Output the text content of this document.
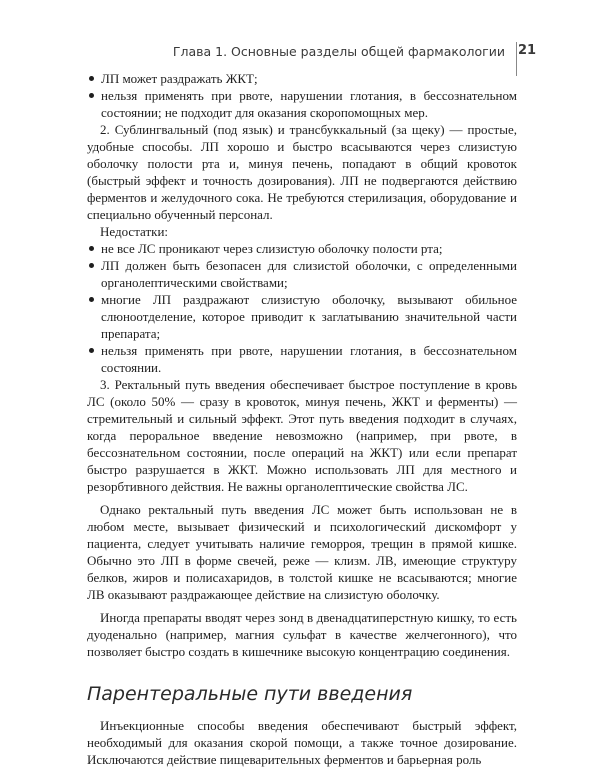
Глава 1. Основные разделы общей фармакологии 21
ЛП может раздражать ЖКТ;
нельзя применять при рвоте, нарушении глотания, в бессознательном состоянии; не подходит для оказания скоропомощных мер.

2. Сублингвальный (под язык) и трансбуккальный (за щеку) — простые, удобные способы. ЛП хорошо и быстро всасываются через слизистую оболочку полости рта и, минуя печень, попадают в общий кровоток (быстрый эффект и точность дозирования). ЛП не подвергаются действию ферментов и желудочного сока. Не требуются стерилизация, оборудование и специально обученный персонал.

Недостатки:

не все ЛС проникают через слизистую оболочку полости рта;
ЛП должен быть безопасен для слизистой оболочки, с определенными органолептическими свойствами;
многие ЛП раздражают слизистую оболочку, вызывают обильное слюноотделение, которое приводит к заглатыванию значительной части препарата;
нельзя применять при рвоте, нарушении глотания, в бессознательном состоянии.

3. Ректальный путь введения обеспечивает быстрое поступление в кровь ЛС (около 50% — сразу в кровоток, минуя печень, ЖКТ и ферменты) — стремительный и сильный эффект. Этот путь введения подходит в случаях, когда пероральное введение невозможно (например, при рвоте, в бессознательном состоянии, после операций на ЖКТ) или если препарат быстро разрушается в ЖКТ. Можно использовать ЛП для местного и резорбтивного действия. Не важны органолептические свойства ЛС.

Однако ректальный путь введения ЛС может быть использован не в любом месте, вызывает физический и психологический дискомфорт у пациента, следует учитывать наличие геморроя, трещин в прямой кишке. Обычно это ЛП в форме свечей, реже — клизм. ЛВ, имеющие структуру белков, жиров и полисахаридов, в толстой кишке не всасываются; многие ЛВ оказывают раздражающее действие на слизистую оболочку.

Иногда препараты вводят через зонд в двенадцатиперстную кишку, то есть дуоденально (например, магния сульфат в качестве желчегонного), что позволяет быстро создать в кишечнике высокую концентрацию соединения.

Парентеральные пути введения

Инъекционные способы введения обеспечивают быстрый эффект, необходимый для оказания скорой помощи, а также точное дозирование. Исключаются действие пищеварительных ферментов и барьерная роль
